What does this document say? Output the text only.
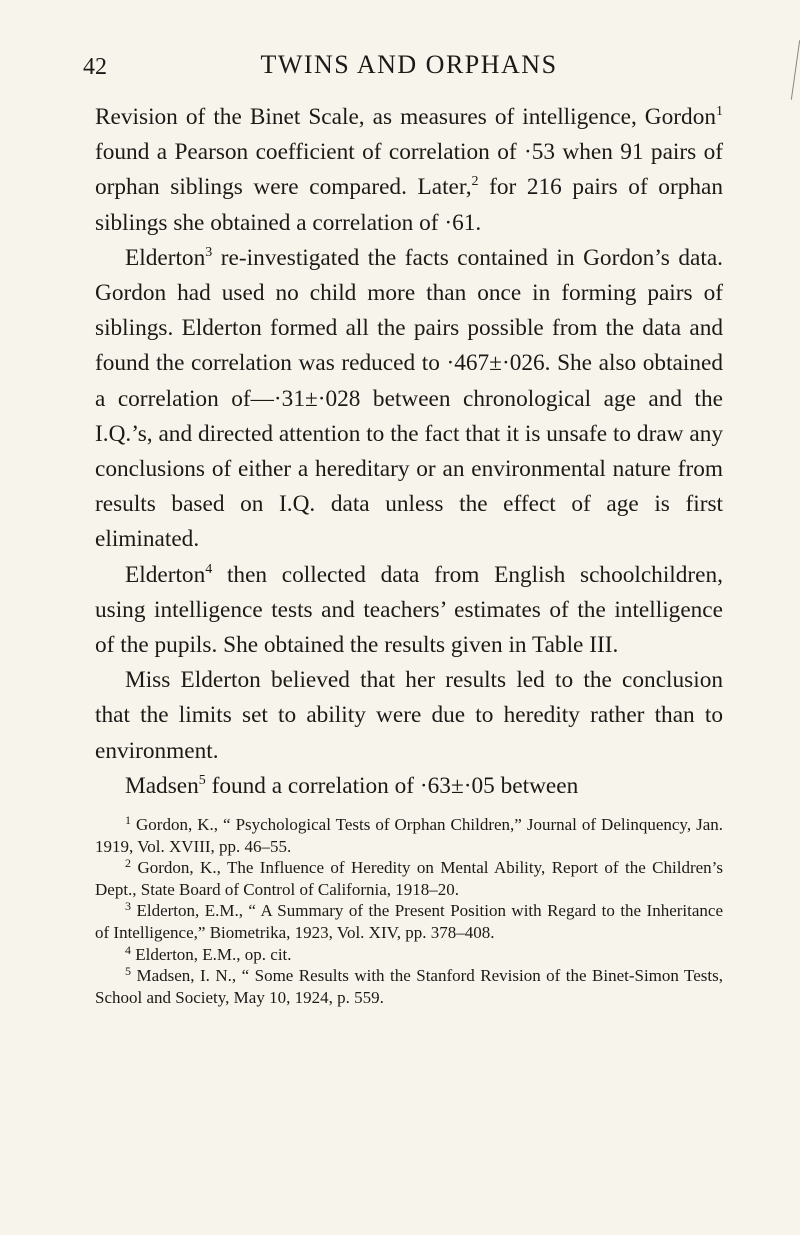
42	TWINS AND ORPHANS

Revision of the Binet Scale, as measures of intelligence, Gordon$^1$ found a Pearson coefficient of correlation of ·53 when 91 pairs of orphan siblings were compared. Later,$^2$ for 216 pairs of orphan siblings she obtained a correlation of ·61.

Elderton$^3$ re-investigated the facts contained in Gordon’s data. Gordon had used no child more than once in forming pairs of siblings. Elderton formed all the pairs possible from the data and found the correlation was reduced to ·467±·026. She also obtained a correlation of—·31±·028 between chronological age and the I.Q.’s, and directed attention to the fact that it is unsafe to draw any conclusions of either a hereditary or an environmental nature from results based on I.Q. data unless the effect of age is first eliminated.

Elderton$^4$ then collected data from English schoolchildren, using intelligence tests and teachers’ estimates of the intelligence of the pupils. She obtained the results given in Table III.

Miss Elderton believed that her results led to the conclusion that the limits set to ability were due to heredity rather than to environment.

Madsen$^5$ found a correlation of ·63±·05 between

$^1$ Gordon, K., “ Psychological Tests of Orphan Children,” Journal of Delinquency, Jan. 1919, Vol. XVIII, pp. 46–55.

$^2$ Gordon, K., The Influence of Heredity on Mental Ability, Report of the Children’s Dept., State Board of Control of California, 1918–20.

$^3$ Elderton, E.M., “ A Summary of the Present Position with Regard to the Inheritance of Intelligence,” Biometrika, 1923, Vol. XIV, pp. 378–408.

$^4$ Elderton, E.M., op. cit.

$^5$ Madsen, I. N., “ Some Results with the Stanford Revision of the Binet-Simon Tests, School and Society, May 10, 1924, p. 559.
